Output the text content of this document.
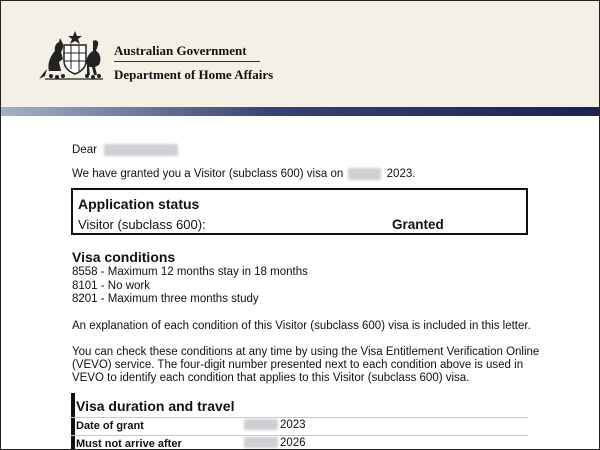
Australian Government
Department of Home Affairs
Dear
We have granted you a Visitor (subclass 600) visa on	2023.
Application status
Visitor (subclass 600):	Granted
Visa conditions
8558 - Maximum 12 months stay in 18 months
8101 - No work
8201 - Maximum three months study
An explanation of each condition of this Visitor (subclass 600) visa is included in this letter.
You can check these conditions at any time by using the Visa Entitlement Verification Online
(VEVO) service. The four-digit number presented next to each condition above is used in
VEVO to identify each condition that applies to this Visitor (subclass 600) visa.
Visa duration and travel
Date of grant	2023
Must not arrive after	2026
